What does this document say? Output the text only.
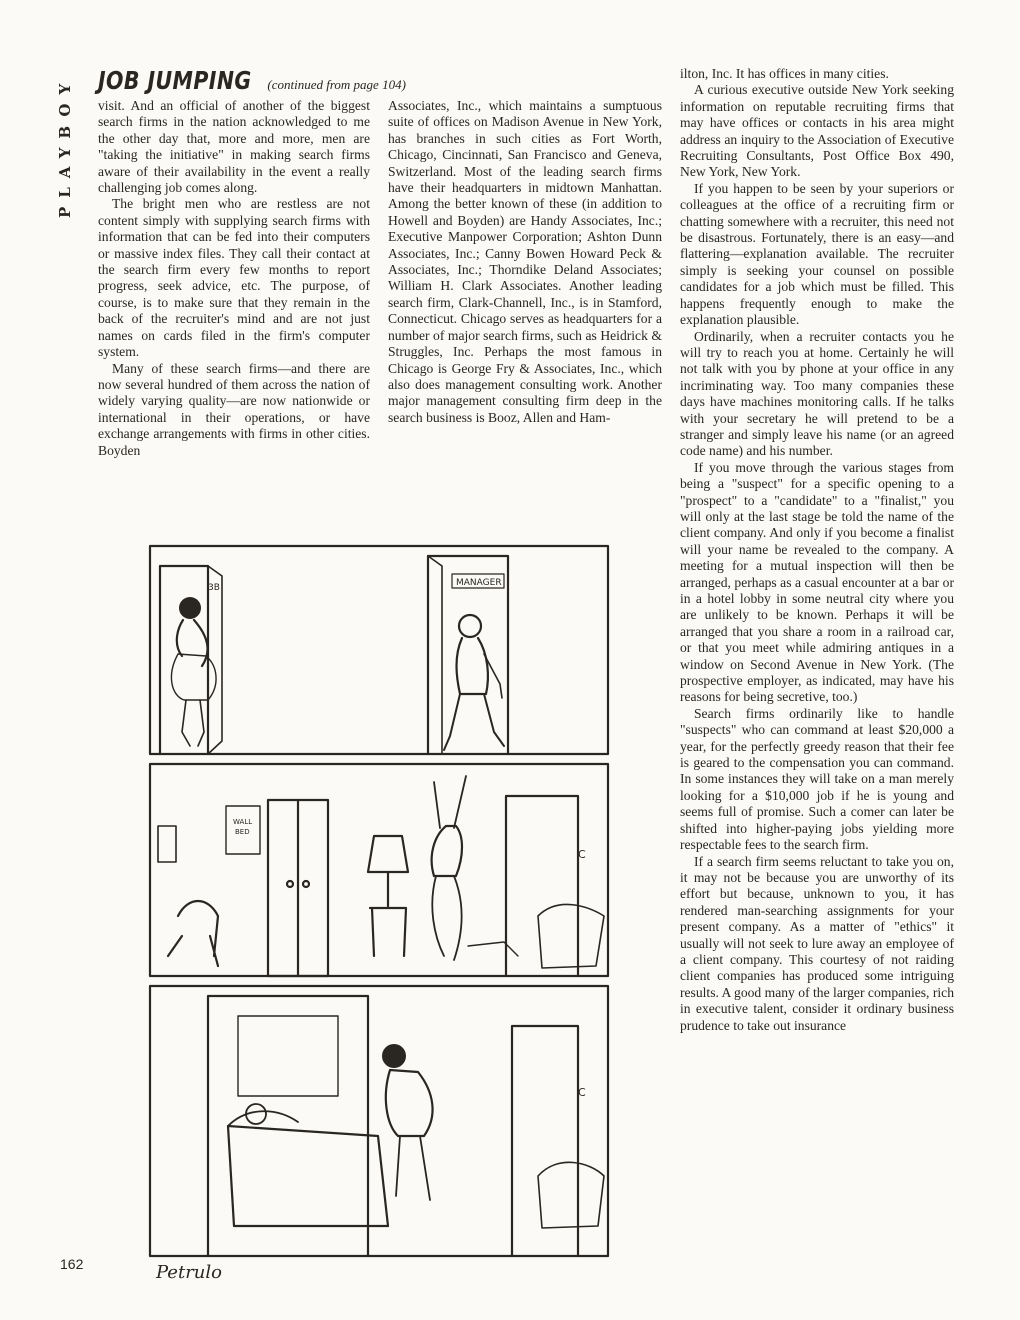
PLAYBOY JOB JUMPING (continued from page 104)

visit. And an official of another of the biggest search firms in the nation acknowledged to me the other day that, more and more, men are "taking the initiative" in making search firms aware of their availability in the event a really challenging job comes along.

The bright men who are restless are not content simply with supplying search firms with information that can be fed into their computers or massive index files. They call their contact at the search firm every few months to report progress, seek advice, etc. The purpose, of course, is to make sure that they remain in the back of the recruiter's mind and are not just names on cards filed in the firm's computer system.

Many of these search firms—and there are now several hundred of them across the nation of widely varying quality—are now nationwide or international in their operations, or have exchange arrangements with firms in other cities. Boyden

Associates, Inc., which maintains a sumptuous suite of offices on Madison Avenue in New York, has branches in such cities as Fort Worth, Chicago, Cincinnati, San Francisco and Geneva, Switzerland. Most of the leading search firms have their headquarters in midtown Manhattan. Among the better known of these (in addition to Howell and Boyden) are Handy Associates, Inc.; Executive Manpower Corporation; Ashton Dunn Associates, Inc.; Canny Bowen Howard Peck & Associates, Inc.; Thorndike Deland Associates; William H. Clark Associates. Another leading search firm, Clark-Channell, Inc., is in Stamford, Connecticut. Chicago serves as headquarters for a number of major search firms, such as Heidrick & Struggles, Inc. Perhaps the most famous in Chicago is George Fry & Associates, Inc., which also does management consulting work. Another major management consulting firm deep in the search business is Booz, Allen and Ham-

ilton, Inc. It has offices in many cities.

A curious executive outside New York seeking information on reputable recruiting firms that may have offices or contacts in his area might address an inquiry to the Association of Executive Recruiting Consultants, Post Office Box 490, New York, New York.

If you happen to be seen by your superiors or colleagues at the office of a recruiting firm or chatting somewhere with a recruiter, this need not be disastrous. Fortunately, there is an easy—and flattering—explanation available. The recruiter simply is seeking your counsel on possible candidates for a job which must be filled. This happens frequently enough to make the explanation plausible.

Ordinarily, when a recruiter contacts you he will try to reach you at home. Certainly he will not talk with you by phone at your office in any incriminating way. Too many companies these days have machines monitoring calls. If he talks with your secretary he will pretend to be a stranger and simply leave his name (or an agreed code name) and his number.

If you move through the various stages from being a "suspect" for a specific opening to a "prospect" to a "candidate" to a "finalist," you will only at the last stage be told the name of the client company. And only if you become a finalist will your name be revealed to the company. A meeting for a mutual inspection will then be arranged, perhaps as a casual encounter at a bar or in a hotel lobby in some neutral city where you are unlikely to be known. Perhaps it will be arranged that you share a room in a railroad car, or that you meet while admiring antiques in a window on Second Avenue in New York. (The prospective employer, as indicated, may have his reasons for being secretive, too.)

Search firms ordinarily like to handle "suspects" who can command at least $20,000 a year, for the perfectly greedy reason that their fee is geared to the compensation you can command. In some instances they will take on a man merely looking for a $10,000 job if he is young and seems full of promise. Such a comer can later be shifted into higher-paying jobs yielding more respectable fees to the search firm.

If a search firm seems reluctant to take you on, it may not be because you are unworthy of its effort but because, unknown to you, it has rendered man-searching assignments for your present company. As a matter of "ethics" it usually will not seek to lure away an employee of a client company. This courtesy of not raiding client companies has produced some intriguing results. A good many of the larger companies, rich in executive talent, consider it ordinary business prudence to take out insurance

3B	MANAGER
WALL
BED
C
C
Petrulo
162
